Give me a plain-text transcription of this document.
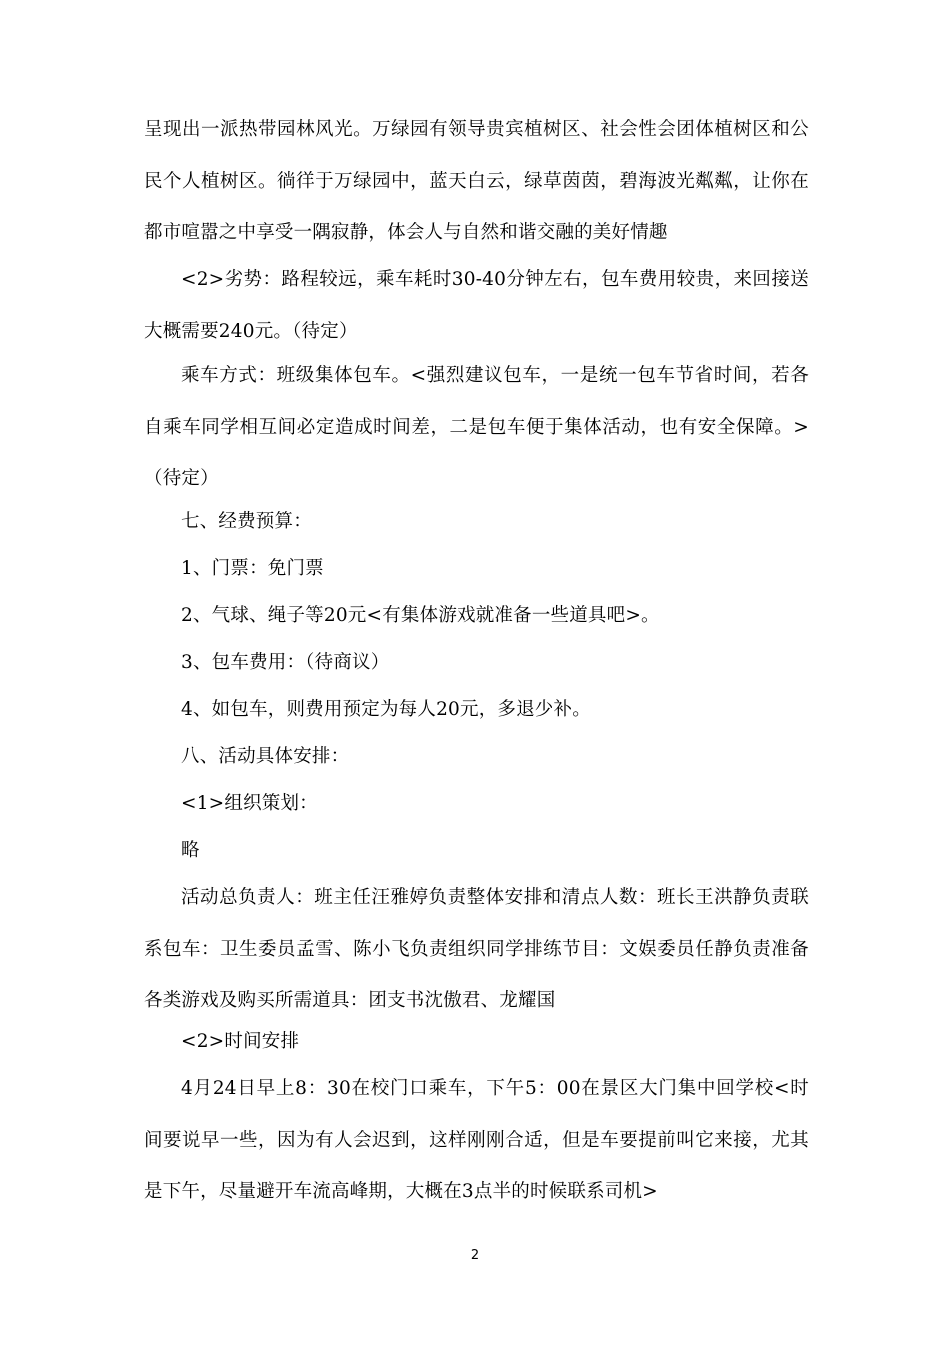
呈现出一派热带园林风光。万绿园有领导贵宾植树区、社会性会团体植树区和公民个人植树区。徜徉于万绿园中，蓝天白云，绿草茵茵，碧海波光粼粼，让你在都市喧嚣之中享受一隅寂静，体会人与自然和谐交融的美好情趣

<2>劣势：路程较远，乘车耗时30-40分钟左右，包车费用较贵，来回接送大概需要240元。（待定）

乘车方式：班级集体包车。<强烈建议包车，一是统一包车节省时间，若各自乘车同学相互间必定造成时间差，二是包车便于集体活动，也有安全保障。>（待定）

七、经费预算：

1、门票：免门票

2、气球、绳子等20元<有集体游戏就准备一些道具吧>。

3、包车费用：（待商议）

4、如包车，则费用预定为每人20元，多退少补。

八、活动具体安排：

<1>组织策划：

略

活动总负责人：班主任汪雅婷负责整体安排和清点人数：班长王洪静负责联系包车：卫生委员孟雪、陈小飞负责组织同学排练节目：文娱委员任静负责准备各类游戏及购买所需道具：团支书沈傲君、龙耀国

<2>时间安排

4月24日早上8：30在校门口乘车，下午5：00在景区大门集中回学校<时间要说早一些，因为有人会迟到，这样刚刚合适，但是车要提前叫它来接，尤其是下午，尽量避开车流高峰期，大概在3点半的时候联系司机>

2
